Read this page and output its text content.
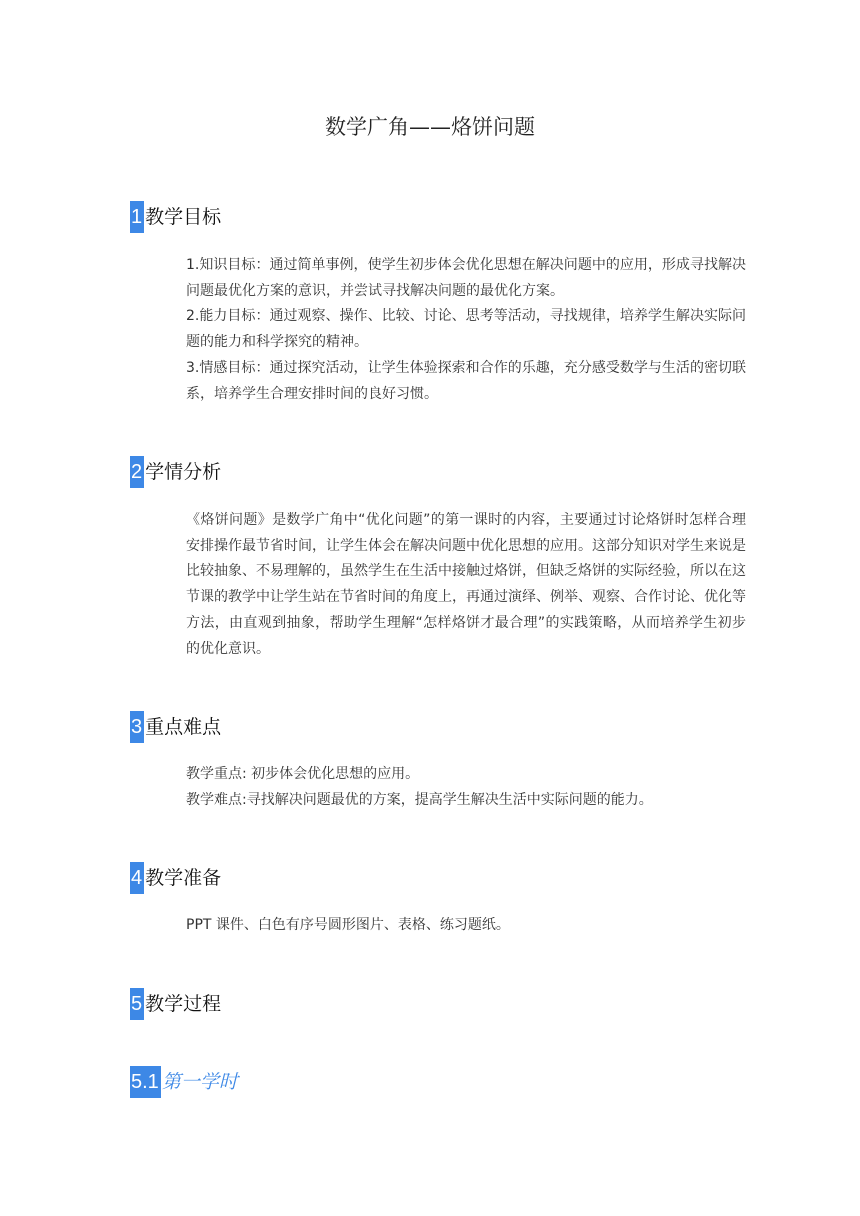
数学广角——烙饼问题
1 教学目标

1.知识目标：通过简单事例，使学生初步体会优化思想在解决问题中的应用，形成寻找解决问题最优化方案的意识，并尝试寻找解决问题的最优化方案。

2.能力目标：通过观察、操作、比较、讨论、思考等活动，寻找规律，培养学生解决实际问题的能力和科学探究的精神。

3.情感目标：通过探究活动，让学生体验探索和合作的乐趣，充分感受数学与生活的密切联系，培养学生合理安排时间的良好习惯。

2 学情分析

《烙饼问题》是数学广角中“优化问题”的第一课时的内容，主要通过讨论烙饼时怎样合理安排操作最节省时间，让学生体会在解决问题中优化思想的应用。这部分知识对学生来说是比较抽象、不易理解的，虽然学生在生活中接触过烙饼，但缺乏烙饼的实际经验，所以在这节课的教学中让学生站在节省时间的角度上，再通过演绎、例举、观察、合作讨论、优化等方法，由直观到抽象，帮助学生理解“怎样烙饼才最合理”的实践策略，从而培养学生初步的优化意识。

3 重点难点

教学重点: 初步体会优化思想的应用。

教学难点:寻找解决问题最优的方案，提高学生解决生活中实际问题的能力。

4 教学准备

PPT 课件、白色有序号圆形图片、表格、练习题纸。

5 教学过程
5.1 第一学时
